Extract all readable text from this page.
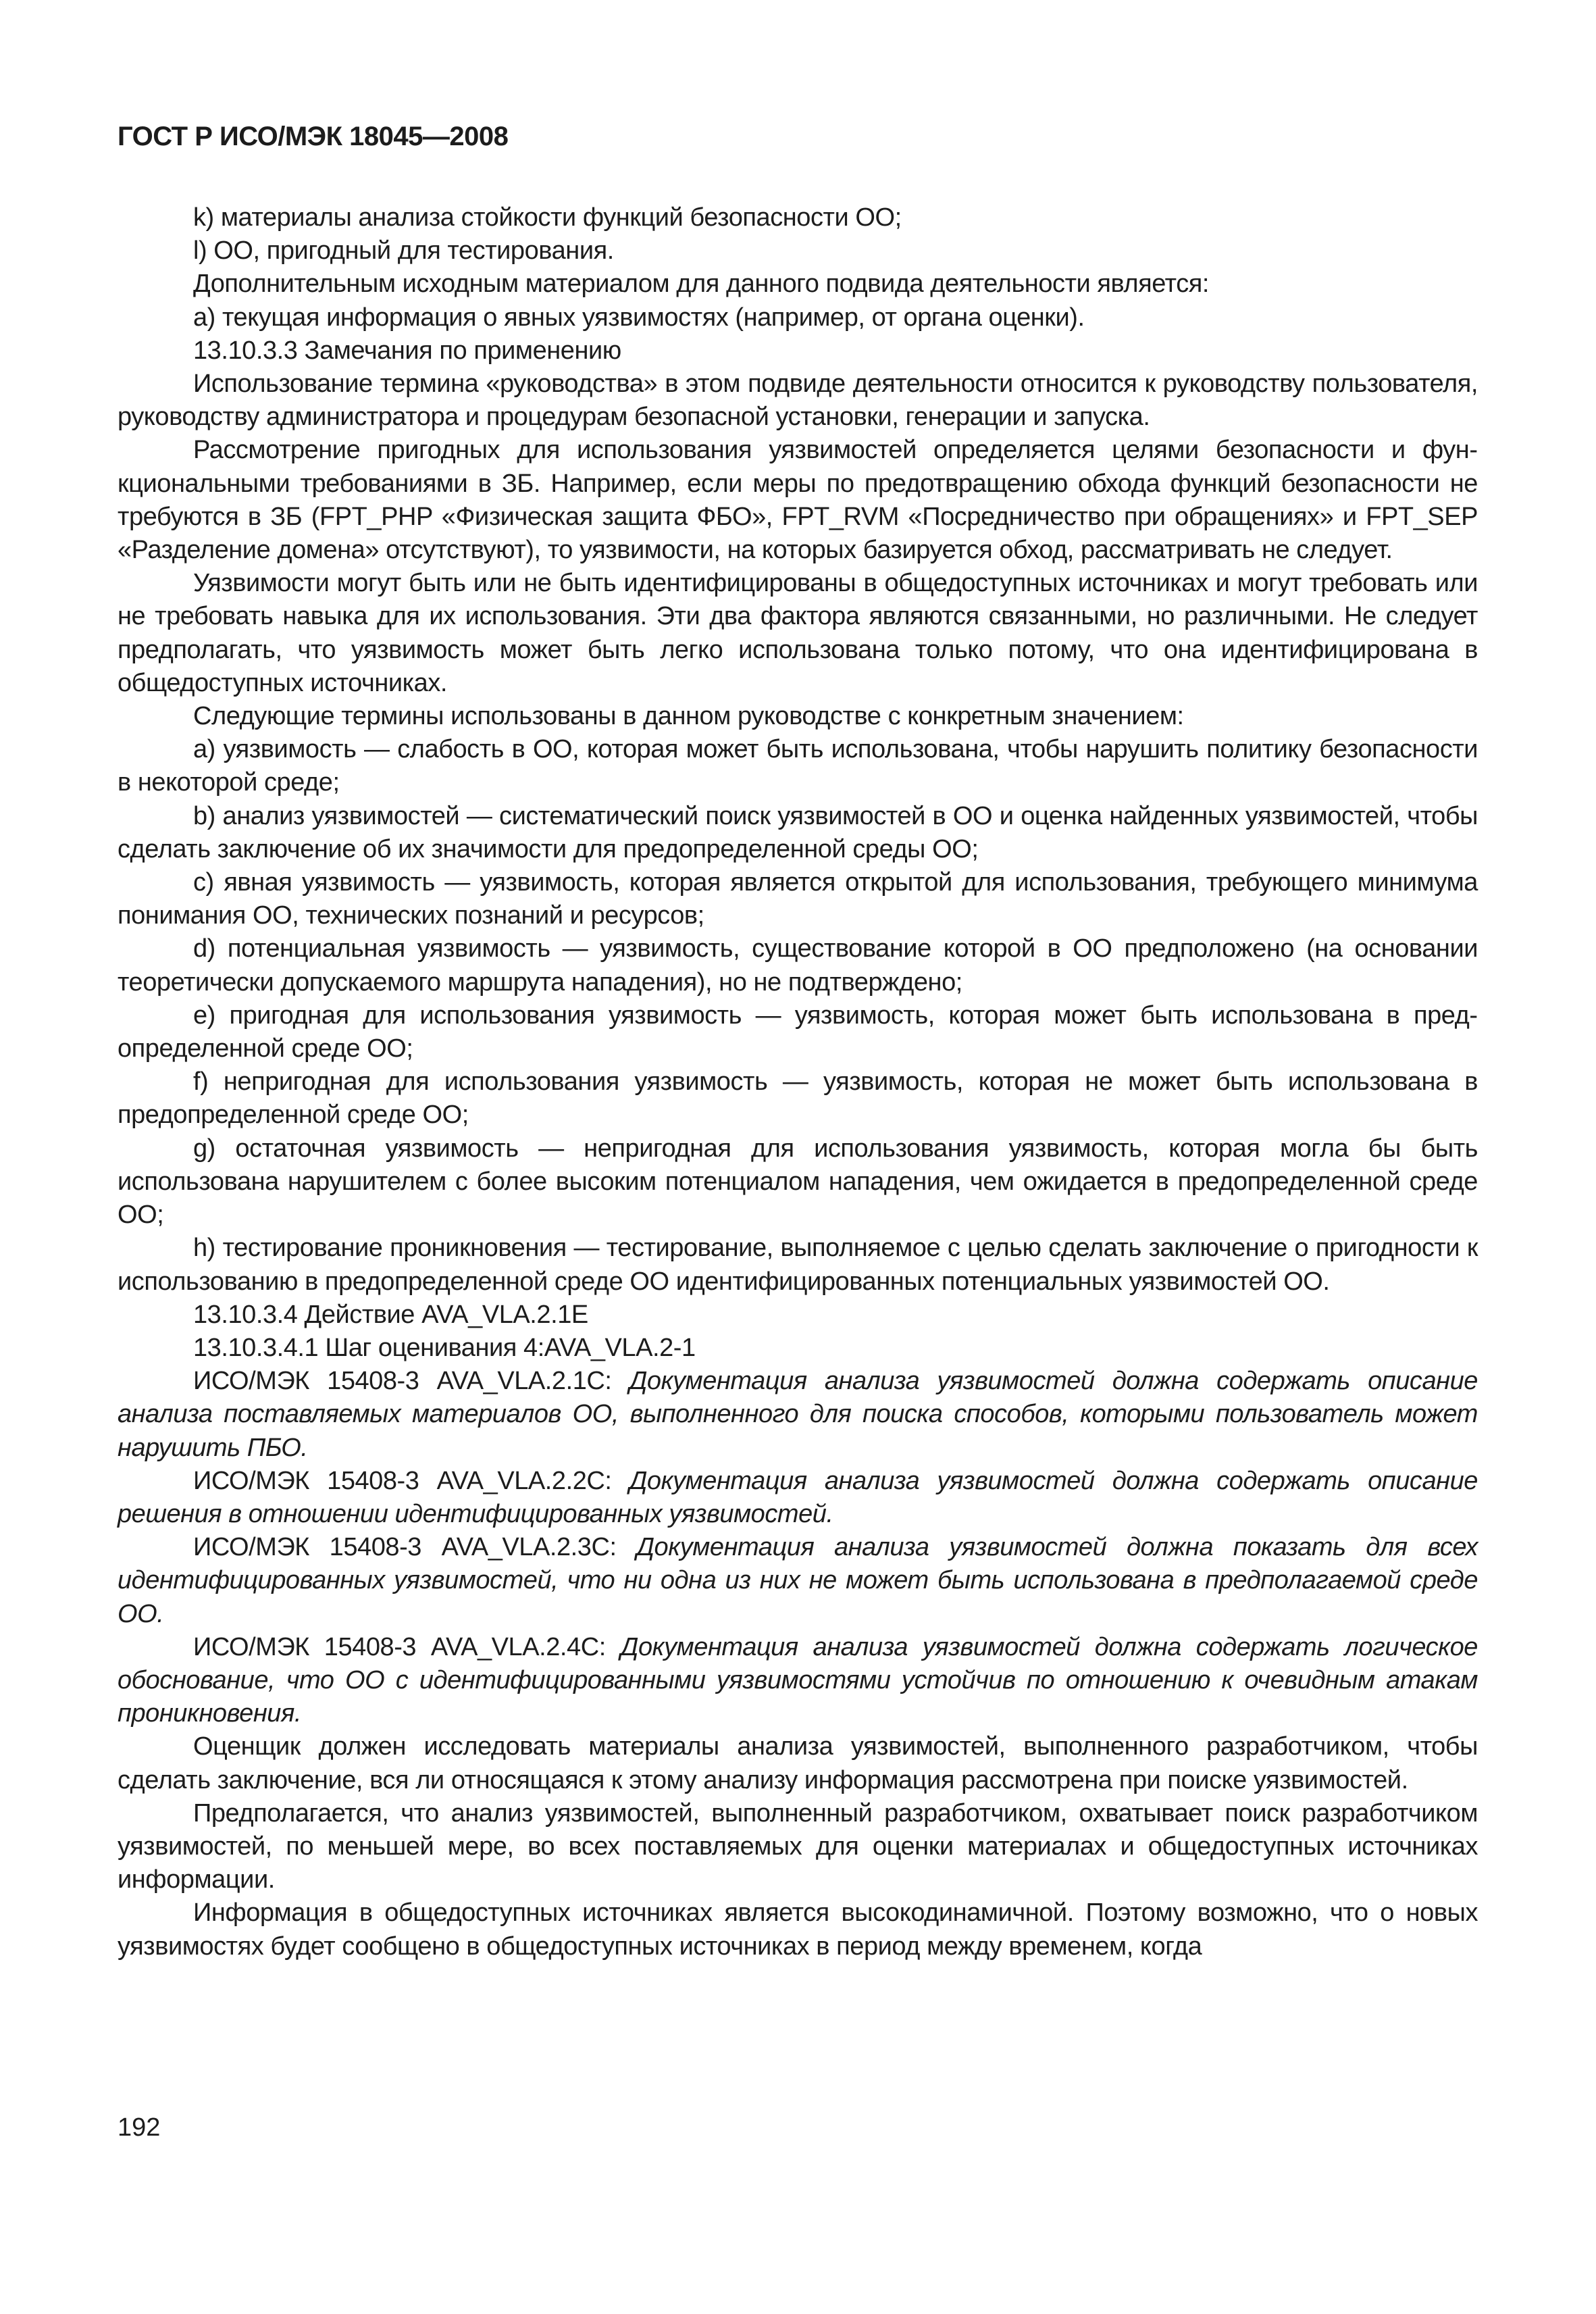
ГОСТ Р ИСО/МЭК 18045—2008

k) материалы анализа стойкости функций безопасности ОО;

l) ОО, пригодный для тестирования.

Дополнительным исходным материалом для данного подвида деятельности является:

a) текущая информация о явных уязвимостях (например, от органа оценки).

13.10.3.3 Замечания по применению

Использование термина «руководства» в этом подвиде деятельности относится к руководству пользователя, руководству администратора и процедурам безопасной установки, генерации и запуска.

Рассмотрение пригодных для использования уязвимостей определяется целями безопасности и функциональными требованиями в ЗБ. Например, если меры по предотвращению обхода функций безопасности не требуются в ЗБ (FPT_PHP «Физическая защита ФБО», FPT_RVM «Посредничество при обращениях» и FPT_SEP «Разделение домена» отсутствуют), то уязвимости, на которых базируется обход, рассматривать не следует.

Уязвимости могут быть или не быть идентифицированы в общедоступных источниках и могут требовать или не требовать навыка для их использования. Эти два фактора являются связанными, но различными. Не следует предполагать, что уязвимость может быть легко использована только потому, что она идентифицирована в общедоступных источниках.

Следующие термины использованы в данном руководстве с конкретным значением:

a) уязвимость — слабость в ОО, которая может быть использована, чтобы нарушить политику безопасности в некоторой среде;

b) анализ уязвимостей — систематический поиск уязвимостей в ОО и оценка найденных уязвимостей, чтобы сделать заключение об их значимости для предопределенной среды ОО;

c) явная уязвимость — уязвимость, которая является открытой для использования, требующего минимума понимания ОО, технических познаний и ресурсов;

d) потенциальная уязвимость — уязвимость, существование которой в ОО предположено (на основании теоретически допускаемого маршрута нападения), но не подтверждено;

e) пригодная для использования уязвимость — уязвимость, которая может быть использована в предопределенной среде ОО;

f) непригодная для использования уязвимость — уязвимость, которая не может быть использована в предопределенной среде ОО;

g) остаточная уязвимость — непригодная для использования уязвимость, которая могла бы быть использована нарушителем с более высоким потенциалом нападения, чем ожидается в предопределенной среде ОО;

h) тестирование проникновения — тестирование, выполняемое с целью сделать заключение о пригодности к использованию в предопределенной среде ОО идентифицированных потенциальных уязвимостей ОО.

13.10.3.4 Действие AVA_VLA.2.1E

13.10.3.4.1 Шаг оценивания 4:AVA_VLA.2-1

ИСО/МЭК 15408-3 AVA_VLA.2.1C: Документация анализа уязвимостей должна содержать описание анализа поставляемых материалов ОО, выполненного для поиска способов, которыми пользователь может нарушить ПБО.

ИСО/МЭК 15408-3 AVA_VLA.2.2C: Документация анализа уязвимостей должна содержать описание решения в отношении идентифицированных уязвимостей.

ИСО/МЭК 15408-3 AVA_VLA.2.3C: Документация анализа уязвимостей должна показать для всех идентифицированных уязвимостей, что ни одна из них не может быть использована в предполагаемой среде ОО.

ИСО/МЭК 15408-3 AVA_VLA.2.4C: Документация анализа уязвимостей должна содержать логическое обоснование, что ОО с идентифицированными уязвимостями устойчив по отношению к очевидным атакам проникновения.

Оценщик должен исследовать материалы анализа уязвимостей, выполненного разработчиком, чтобы сделать заключение, вся ли относящаяся к этому анализу информация рассмотрена при поиске уязвимостей.

Предполагается, что анализ уязвимостей, выполненный разработчиком, охватывает поиск разработчиком уязвимостей, по меньшей мере, во всех поставляемых для оценки материалах и общедоступных источниках информации.

Информация в общедоступных источниках является высокодинамичной. Поэтому возможно, что о новых уязвимостях будет сообщено в общедоступных источниках в период между временем, когда

192
